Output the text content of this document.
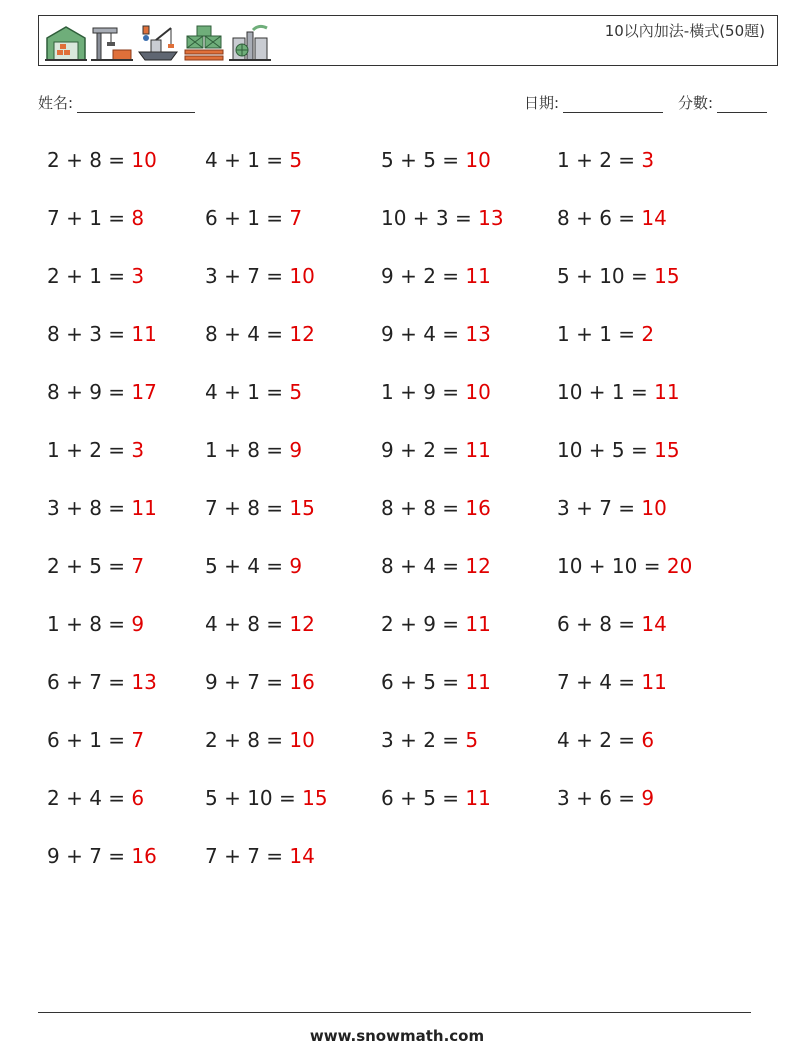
10以內加法-橫式(50題)
姓名:	日期:	分數:
2 + 8 = 10
7 + 1 = 8
2 + 1 = 3
8 + 3 = 11
8 + 9 = 17
1 + 2 = 3
3 + 8 = 11
2 + 5 = 7
1 + 8 = 9
6 + 7 = 13
6 + 1 = 7
2 + 4 = 6
9 + 7 = 16
4 + 1 = 5
6 + 1 = 7
3 + 7 = 10
8 + 4 = 12
4 + 1 = 5
1 + 8 = 9
7 + 8 = 15
5 + 4 = 9
4 + 8 = 12
9 + 7 = 16
2 + 8 = 10
5 + 10 = 15
7 + 7 = 14
5 + 5 = 10
10 + 3 = 13
9 + 2 = 11
9 + 4 = 13
1 + 9 = 10
9 + 2 = 11
8 + 8 = 16
8 + 4 = 12
2 + 9 = 11
6 + 5 = 11
3 + 2 = 5
6 + 5 = 11
1 + 2 = 3
8 + 6 = 14
5 + 10 = 15
1 + 1 = 2
10 + 1 = 11
10 + 5 = 15
3 + 7 = 10
10 + 10 = 20
6 + 8 = 14
7 + 4 = 11
4 + 2 = 6
3 + 6 = 9
www.snowmath.com
